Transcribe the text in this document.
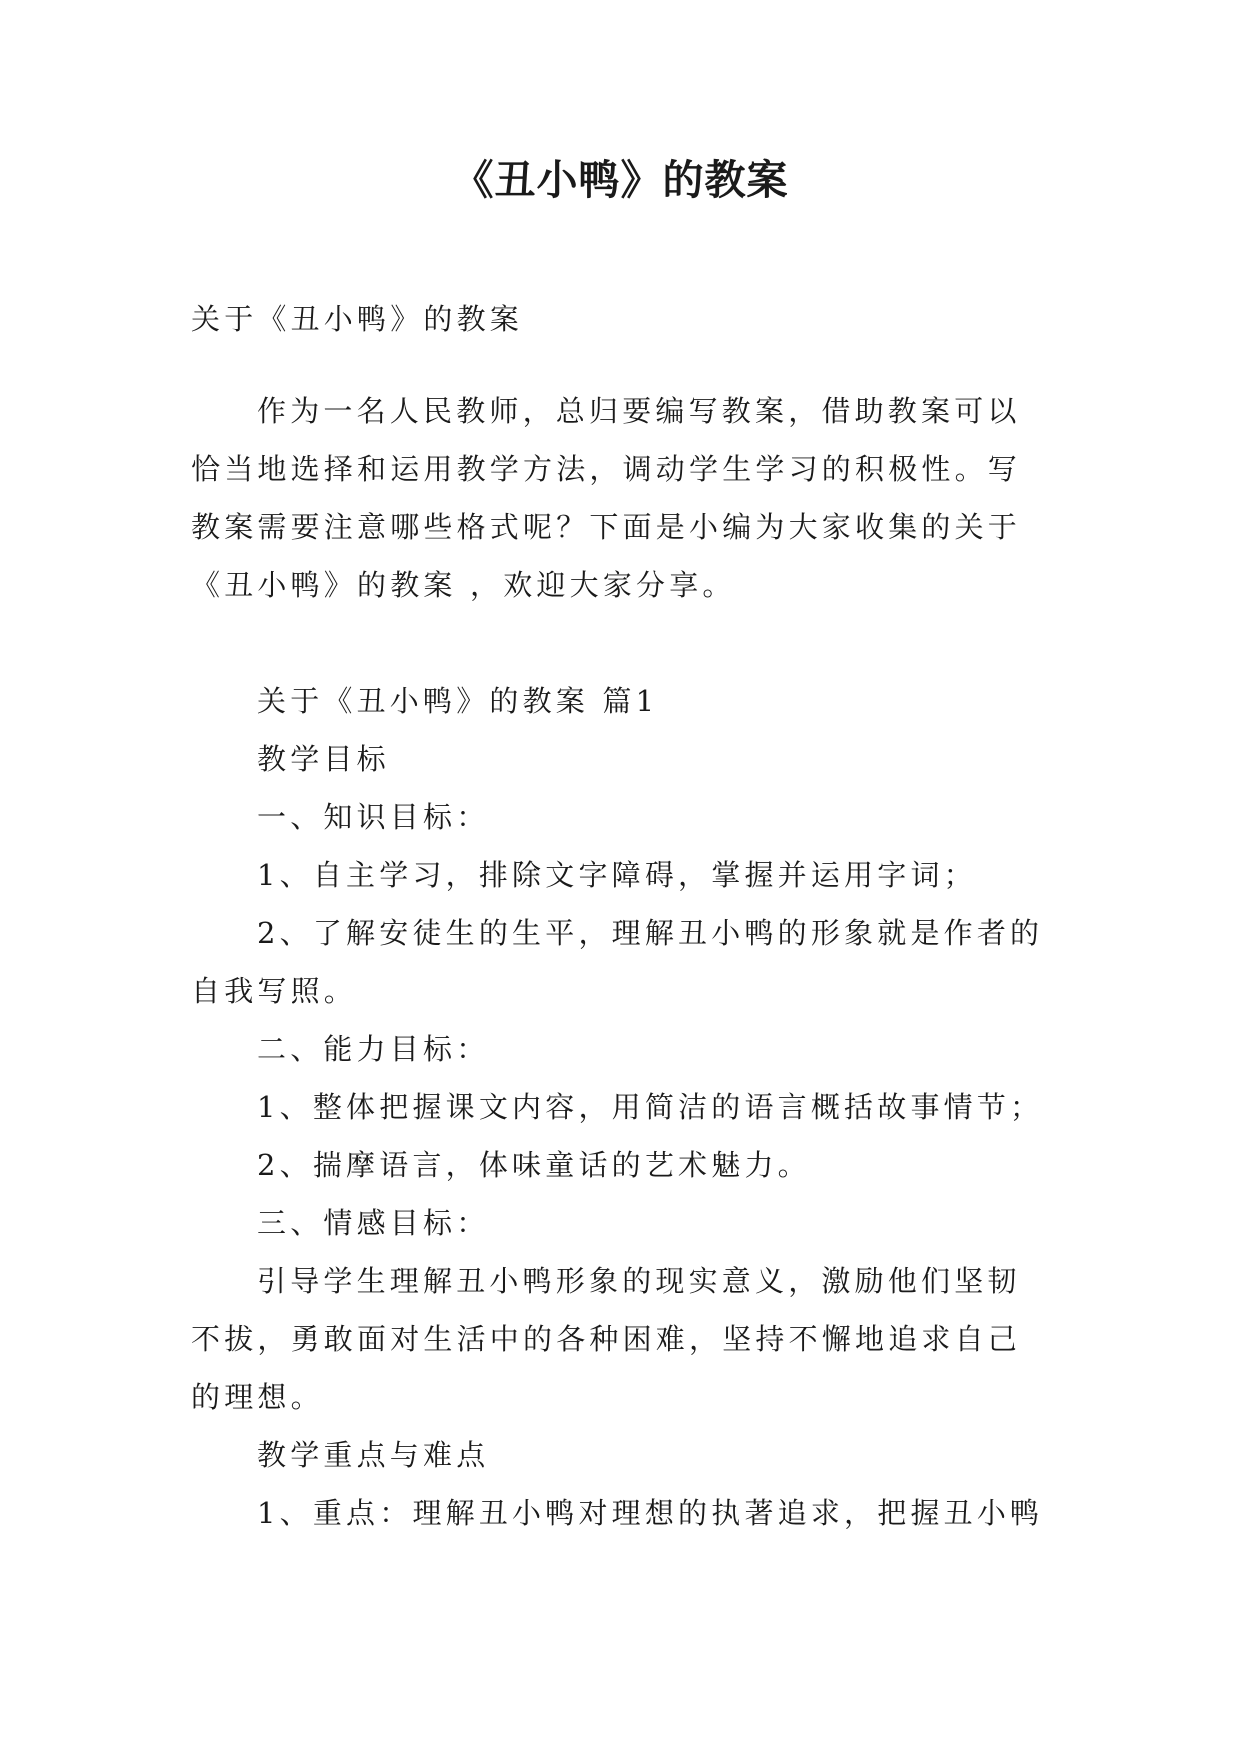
《丑小鸭》的教案

关于《丑小鸭》的教案

作为一名人民教师，总归要编写教案，借助教案可以恰当地选择和运用教学方法，调动学生学习的积极性。写教案需要注意哪些格式呢？下面是小编为大家收集的关于《丑小鸭》的教案 ，欢迎大家分享。

关于《丑小鸭》的教案 篇1

教学目标

一、知识目标：

1、自主学习，排除文字障碍，掌握并运用字词；

2、了解安徒生的生平，理解丑小鸭的形象就是作者的自我写照。

二、能力目标：

1、整体把握课文内容，用简洁的语言概括故事情节；

2、揣摩语言，体味童话的艺术魅力。

三、情感目标：

引导学生理解丑小鸭形象的现实意义，激励他们坚韧不拔，勇敢面对生活中的各种困难，坚持不懈地追求自己的理想。

教学重点与难点

1、重点：理解丑小鸭对理想的执著追求，把握丑小鸭
